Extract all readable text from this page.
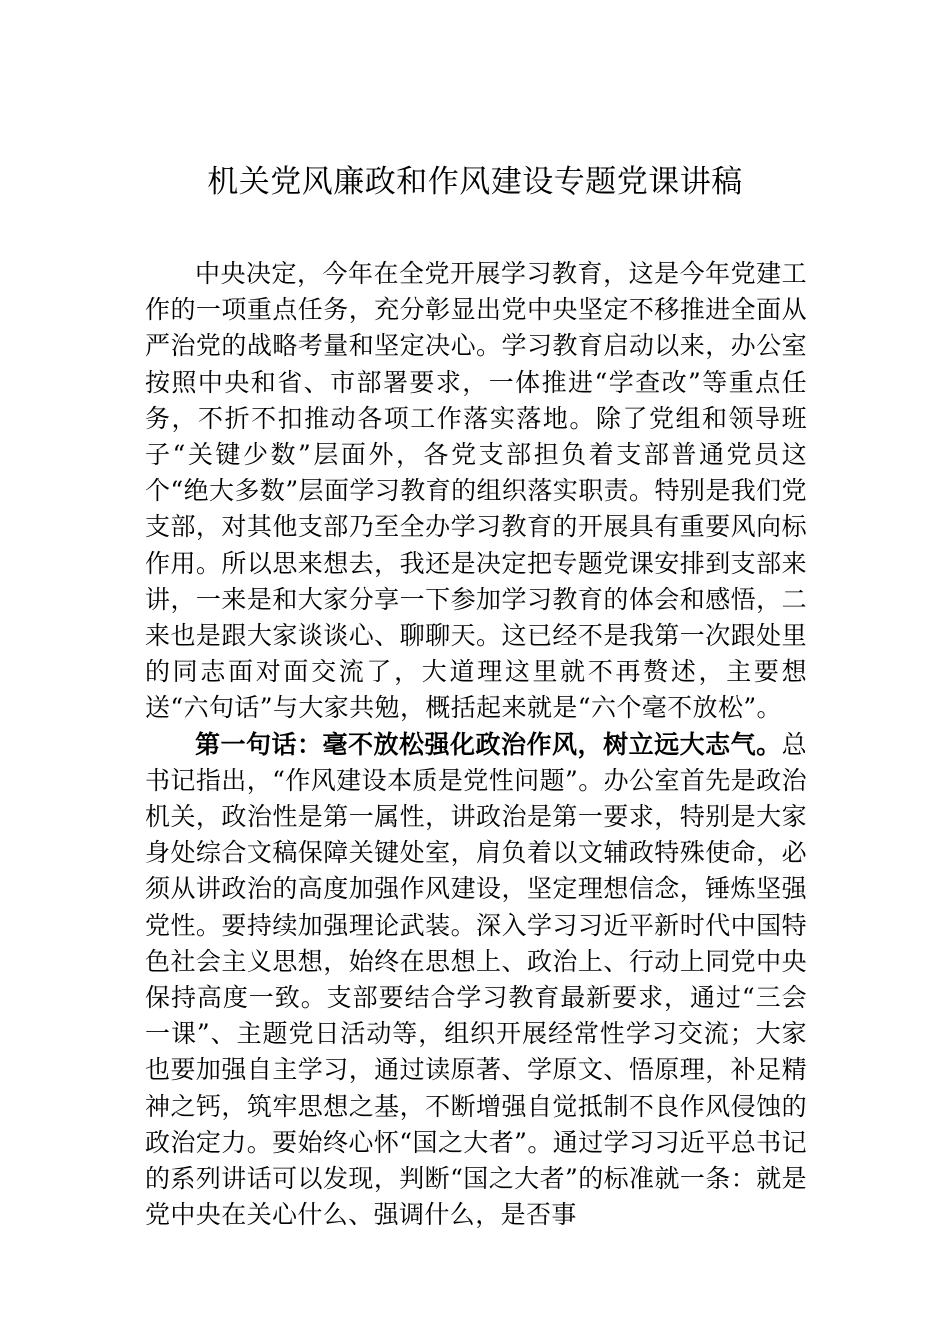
机关党风廉政和作风建设专题党课讲稿

中央决定，今年在全党开展学习教育，这是今年党建工作的一项重点任务，充分彰显出党中央坚定不移推进全面从严治党的战略考量和坚定决心。学习教育启动以来，办公室按照中央和省、市部署要求，一体推进“学查改”等重点任务，不折不扣推动各项工作落实落地。除了党组和领导班子“关键少数”层面外，各党支部担负着支部普通党员这个“绝大多数”层面学习教育的组织落实职责。特别是我们党支部，对其他支部乃至全办学习教育的开展具有重要风向标作用。所以思来想去，我还是决定把专题党课安排到支部来讲，一来是和大家分享一下参加学习教育的体会和感悟，二来也是跟大家谈谈心、聊聊天。这已经不是我第一次跟处里的同志面对面交流了，大道理这里就不再赘述，主要想送“六句话”与大家共勉，概括起来就是“六个毫不放松”。

第一句话：毫不放松强化政治作风，树立远大志气。总书记指出，“作风建设本质是党性问题”。办公室首先是政治机关，政治性是第一属性，讲政治是第一要求，特别是大家身处综合文稿保障关键处室，肩负着以文辅政特殊使命，必须从讲政治的高度加强作风建设，坚定理想信念，锤炼坚强党性。要持续加强理论武装。深入学习习近平新时代中国特色社会主义思想，始终在思想上、政治上、行动上同党中央保持高度一致。支部要结合学习教育最新要求，通过“三会一课”、主题党日活动等，组织开展经常性学习交流；大家也要加强自主学习，通过读原著、学原文、悟原理，补足精神之钙，筑牢思想之基，不断增强自觉抵制不良作风侵蚀的政治定力。要始终心怀“国之大者”。通过学习习近平总书记的系列讲话可以发现，判断“国之大者”的标准就一条：就是党中央在关心什么、强调什么，是否事
